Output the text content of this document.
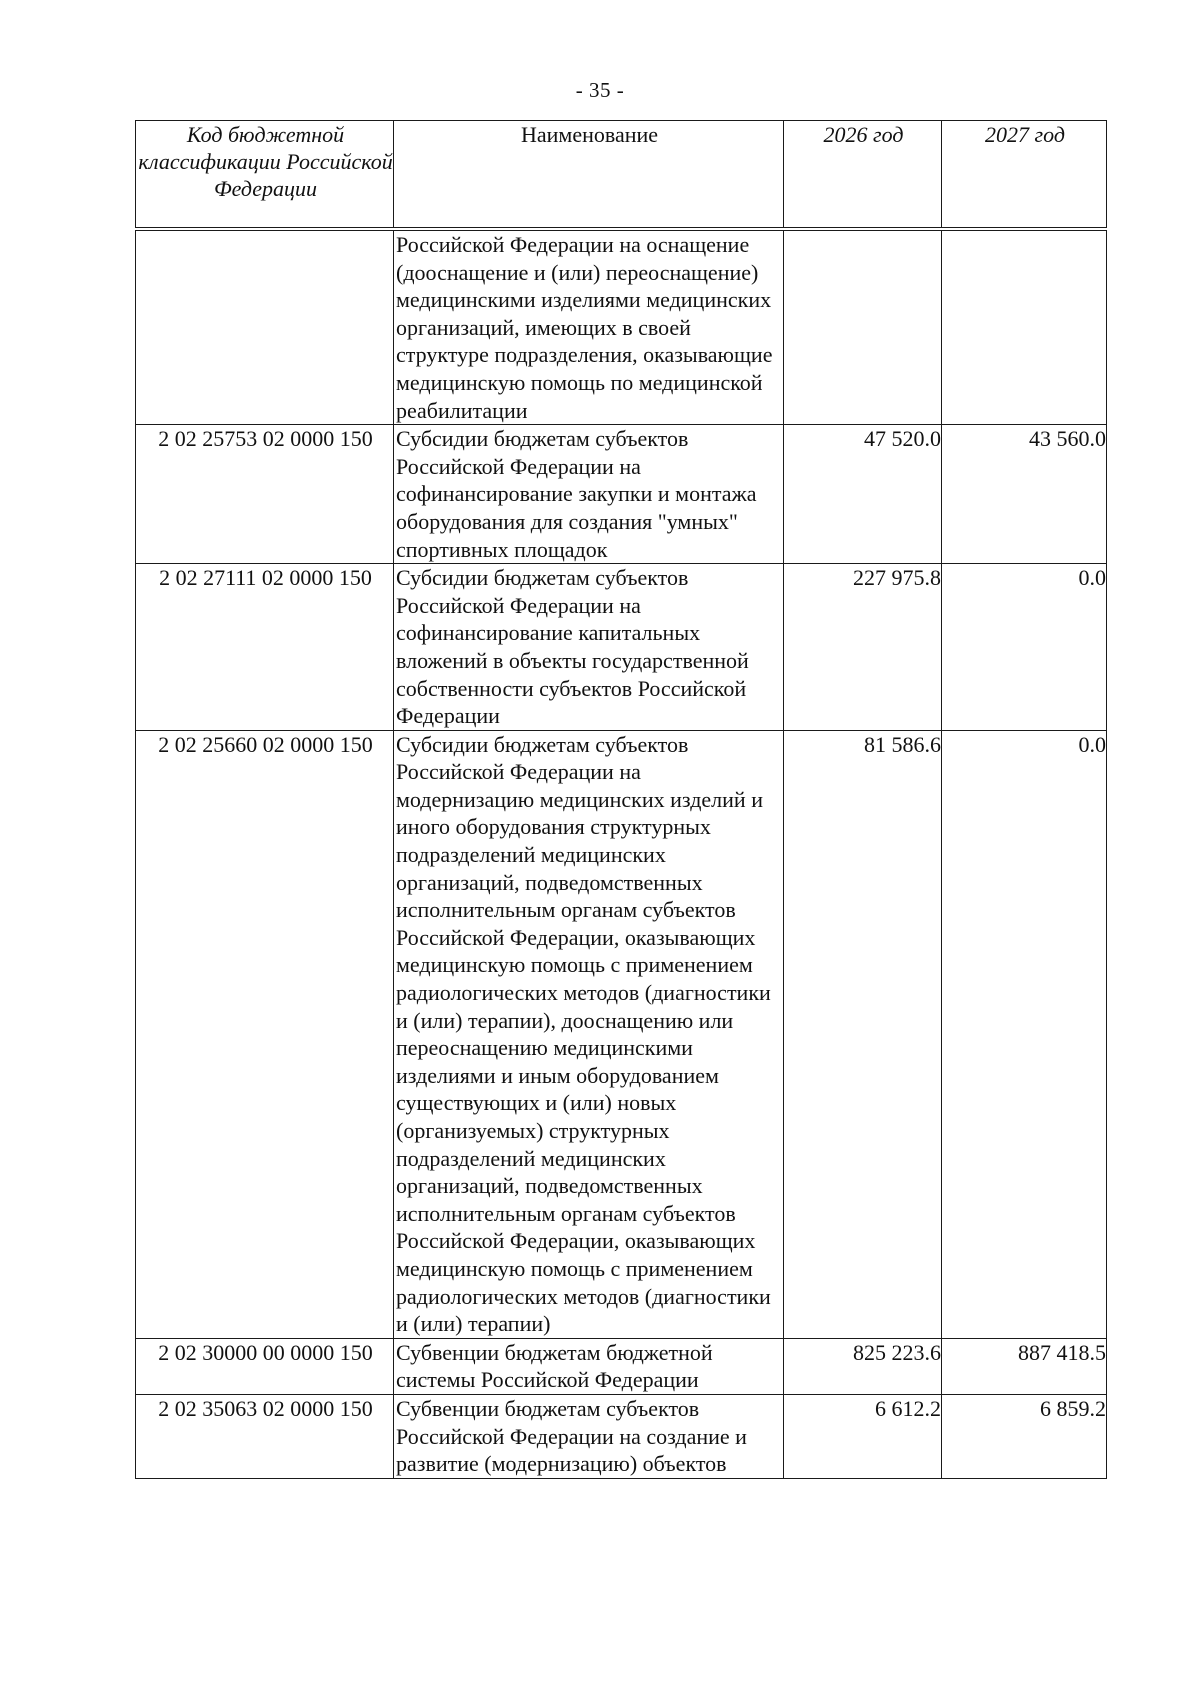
- 35 -
Код бюджетной классификации Российской Федерации	Наименование	2026 год	2027 год
	Российской Федерации на оснащение (дооснащение и (или) переоснащение) медицинскими изделиями медицинских организаций, имеющих в своей структуре подразделения, оказывающие медицинскую помощь по медицинской реабилитации		
2 02 25753 02 0000 150	Субсидии бюджетам субъектов Российской Федерации на софинансирование закупки и монтажа оборудования для создания "умных" спортивных площадок	47 520.0	43 560.0
2 02 27111 02 0000 150	Субсидии бюджетам субъектов Российской Федерации на софинансирование капитальных вложений в объекты государственной собственности субъектов Российской Федерации	227 975.8	0.0
2 02 25660 02 0000 150	Субсидии бюджетам субъектов Российской Федерации на модернизацию медицинских изделий и иного оборудования структурных подразделений медицинских организаций, подведомственных исполнительным органам субъектов Российской Федерации, оказывающих медицинскую помощь с применением радиологических методов (диагностики и (или) терапии), дооснащению или переоснащению медицинскими изделиями и иным оборудованием существующих и (или) новых (организуемых) структурных подразделений медицинских организаций, подведомственных исполнительным органам субъектов Российской Федерации, оказывающих медицинскую помощь с применением радиологических методов (диагностики и (или) терапии)	81 586.6	0.0
2 02 30000 00 0000 150	Субвенции бюджетам бюджетной системы Российской Федерации	825 223.6	887 418.5
2 02 35063 02 0000 150	Субвенции бюджетам субъектов Российской Федерации на создание и развитие (модернизацию) объектов	6 612.2	6 859.2
